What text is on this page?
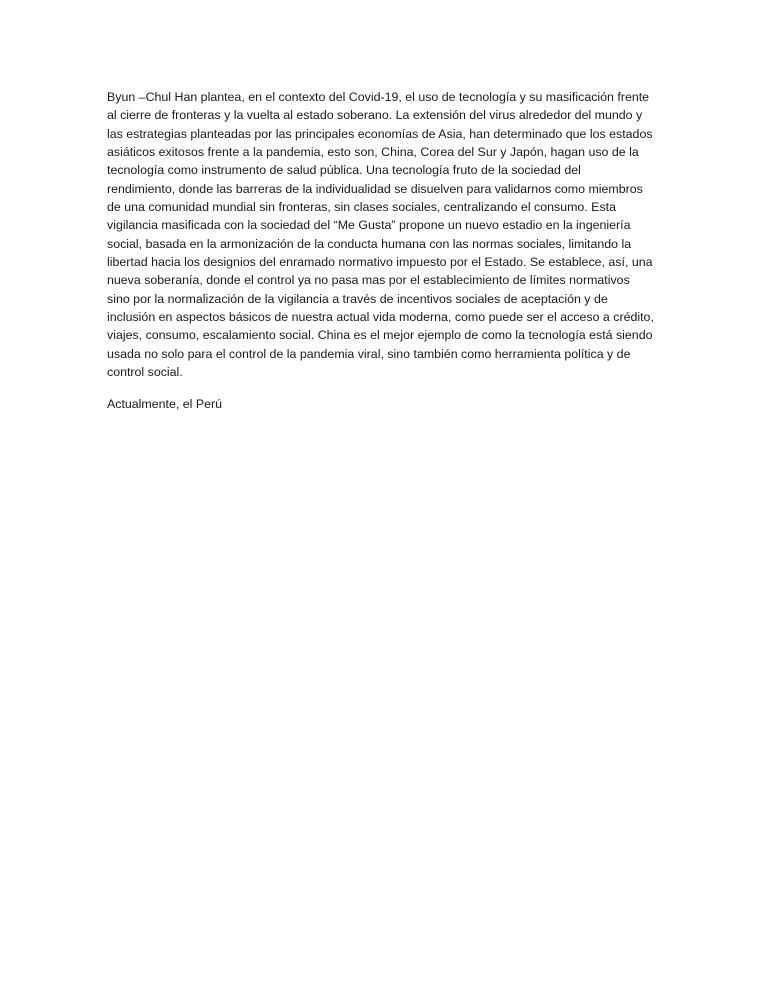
Byun –Chul Han plantea, en el contexto del Covid-19, el uso de tecnología y su masificación frente
al cierre de fronteras y la vuelta al estado soberano. La extensión del virus alrededor del mundo y
las estrategias planteadas por las principales economías de Asia, han determinado que los estados
asiáticos exitosos frente a la pandemia, esto son, China, Corea del Sur y Japón, hagan uso de la
tecnología como instrumento de salud pública. Una tecnología fruto de la sociedad del
rendimiento, donde las barreras de la individualidad se disuelven para validarnos como miembros
de una comunidad mundial sin fronteras, sin clases sociales, centralizando el consumo. Esta
vigilancia masificada con la sociedad del “Me Gusta” propone un nuevo estadio en la ingeniería
social, basada en la armonización de la conducta humana con las normas sociales, limitando la
libertad hacia los designios del enramado normativo impuesto por el Estado. Se establece, así, una
nueva soberanía, donde el control ya no pasa mas por el establecimiento de límites normativos
sino por la normalización de la vigilancia a través de incentivos sociales de aceptación y de
inclusión en aspectos básicos de nuestra actual vida moderna, como puede ser el acceso a crédito,
viajes, consumo, escalamiento social. China es el mejor ejemplo de como la tecnología está siendo
usada no solo para el control de la pandemia viral, sino también como herramienta política y de
control social.

Actualmente, el Perú
